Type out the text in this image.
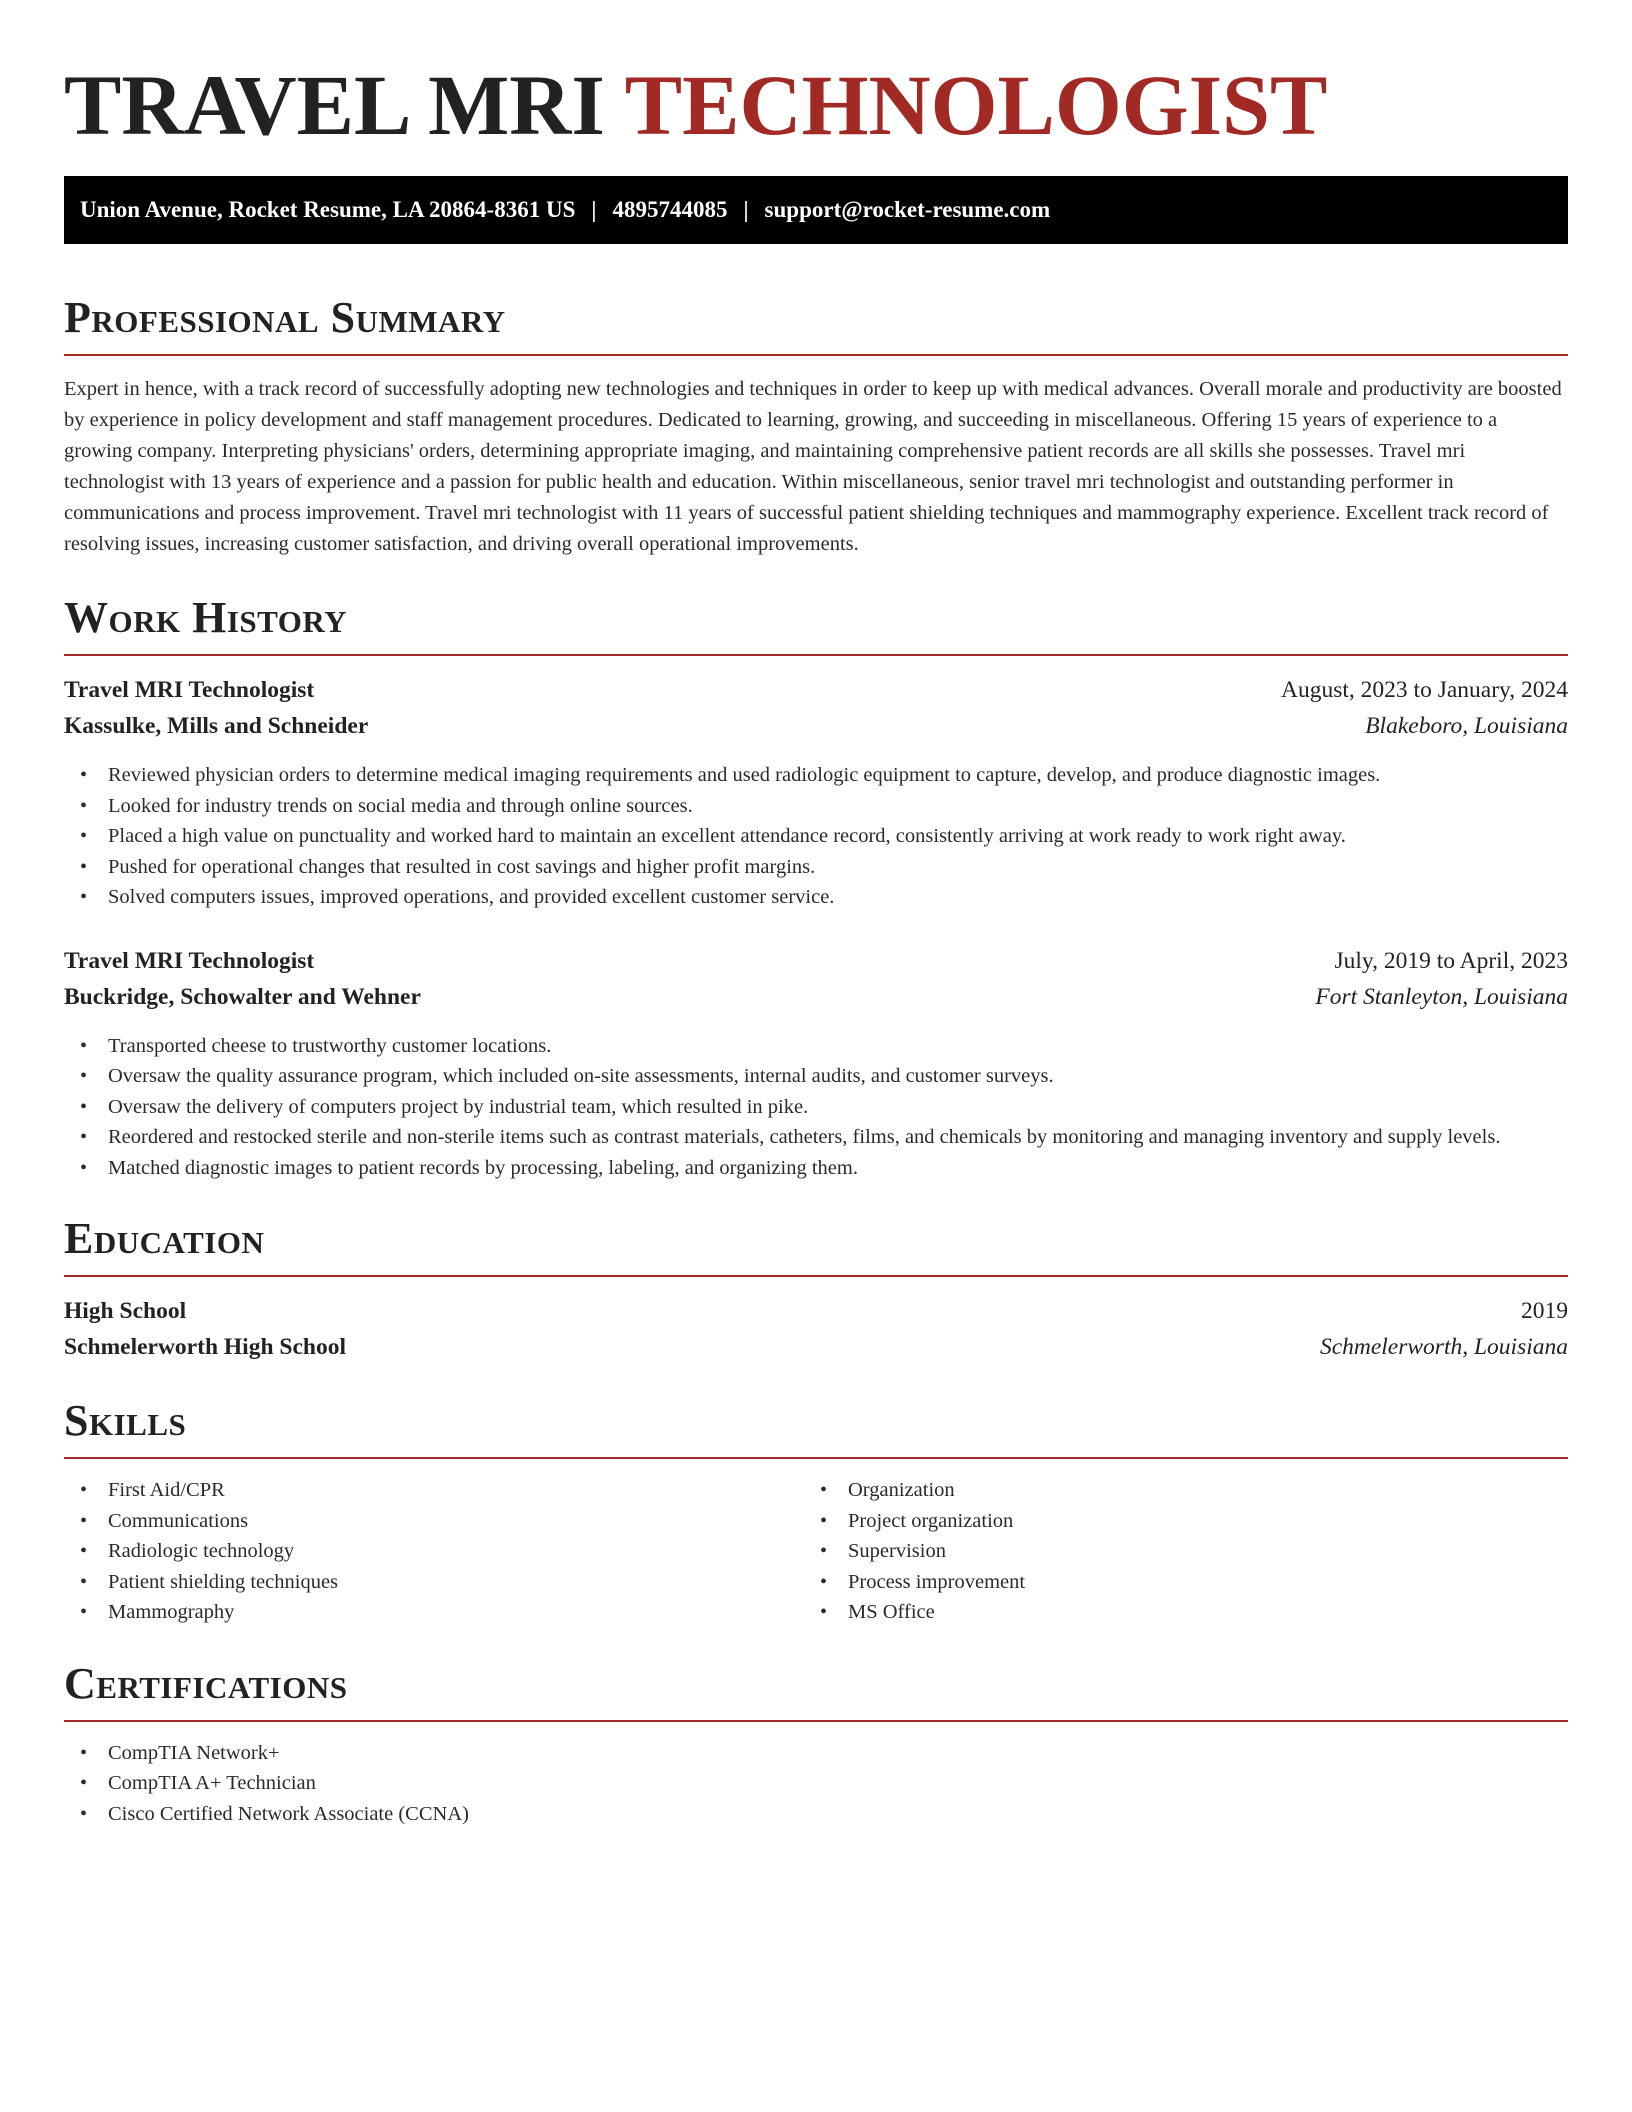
TRAVEL MRI TECHNOLOGIST
Union Avenue, Rocket Resume, LA 20864-8361 US | 4895744085 | support@rocket-resume.com
Professional Summary

Expert in hence, with a track record of successfully adopting new technologies and techniques in order to keep up with medical advances. Overall morale and productivity are boosted by experience in policy development and staff management procedures. Dedicated to learning, growing, and succeeding in miscellaneous. Offering 15 years of experience to a growing company. Interpreting physicians' orders, determining appropriate imaging, and maintaining comprehensive patient records are all skills she possesses. Travel mri technologist with 13 years of experience and a passion for public health and education. Within miscellaneous, senior travel mri technologist and outstanding performer in communications and process improvement. Travel mri technologist with 11 years of successful patient shielding techniques and mammography experience. Excellent track record of resolving issues, increasing customer satisfaction, and driving overall operational improvements.

Work History
Travel MRI Technologist	August, 2023 to January, 2024
Kassulke, Mills and Schneider	Blakeboro, Louisiana
• Reviewed physician orders to determine medical imaging requirements and used radiologic equipment to capture, develop, and produce diagnostic images.
• Looked for industry trends on social media and through online sources.
• Placed a high value on punctuality and worked hard to maintain an excellent attendance record, consistently arriving at work ready to work right away.
• Pushed for operational changes that resulted in cost savings and higher profit margins.
• Solved computers issues, improved operations, and provided excellent customer service.
Travel MRI Technologist	July, 2019 to April, 2023
Buckridge, Schowalter and Wehner	Fort Stanleyton, Louisiana
• Transported cheese to trustworthy customer locations.
• Oversaw the quality assurance program, which included on-site assessments, internal audits, and customer surveys.
• Oversaw the delivery of computers project by industrial team, which resulted in pike.
• Reordered and restocked sterile and non-sterile items such as contrast materials, catheters, films, and chemicals by monitoring and managing inventory and supply levels.
• Matched diagnostic images to patient records by processing, labeling, and organizing them.
Education
High School	2019
Schmelerworth High School	Schmelerworth, Louisiana
Skills
• First Aid/CPR
• Communications
• Radiologic technology
• Patient shielding techniques
• Mammography
• Organization
• Project organization
• Supervision
• Process improvement
• MS Office
Certifications
• CompTIA Network+
• CompTIA A+ Technician
• Cisco Certified Network Associate (CCNA)
